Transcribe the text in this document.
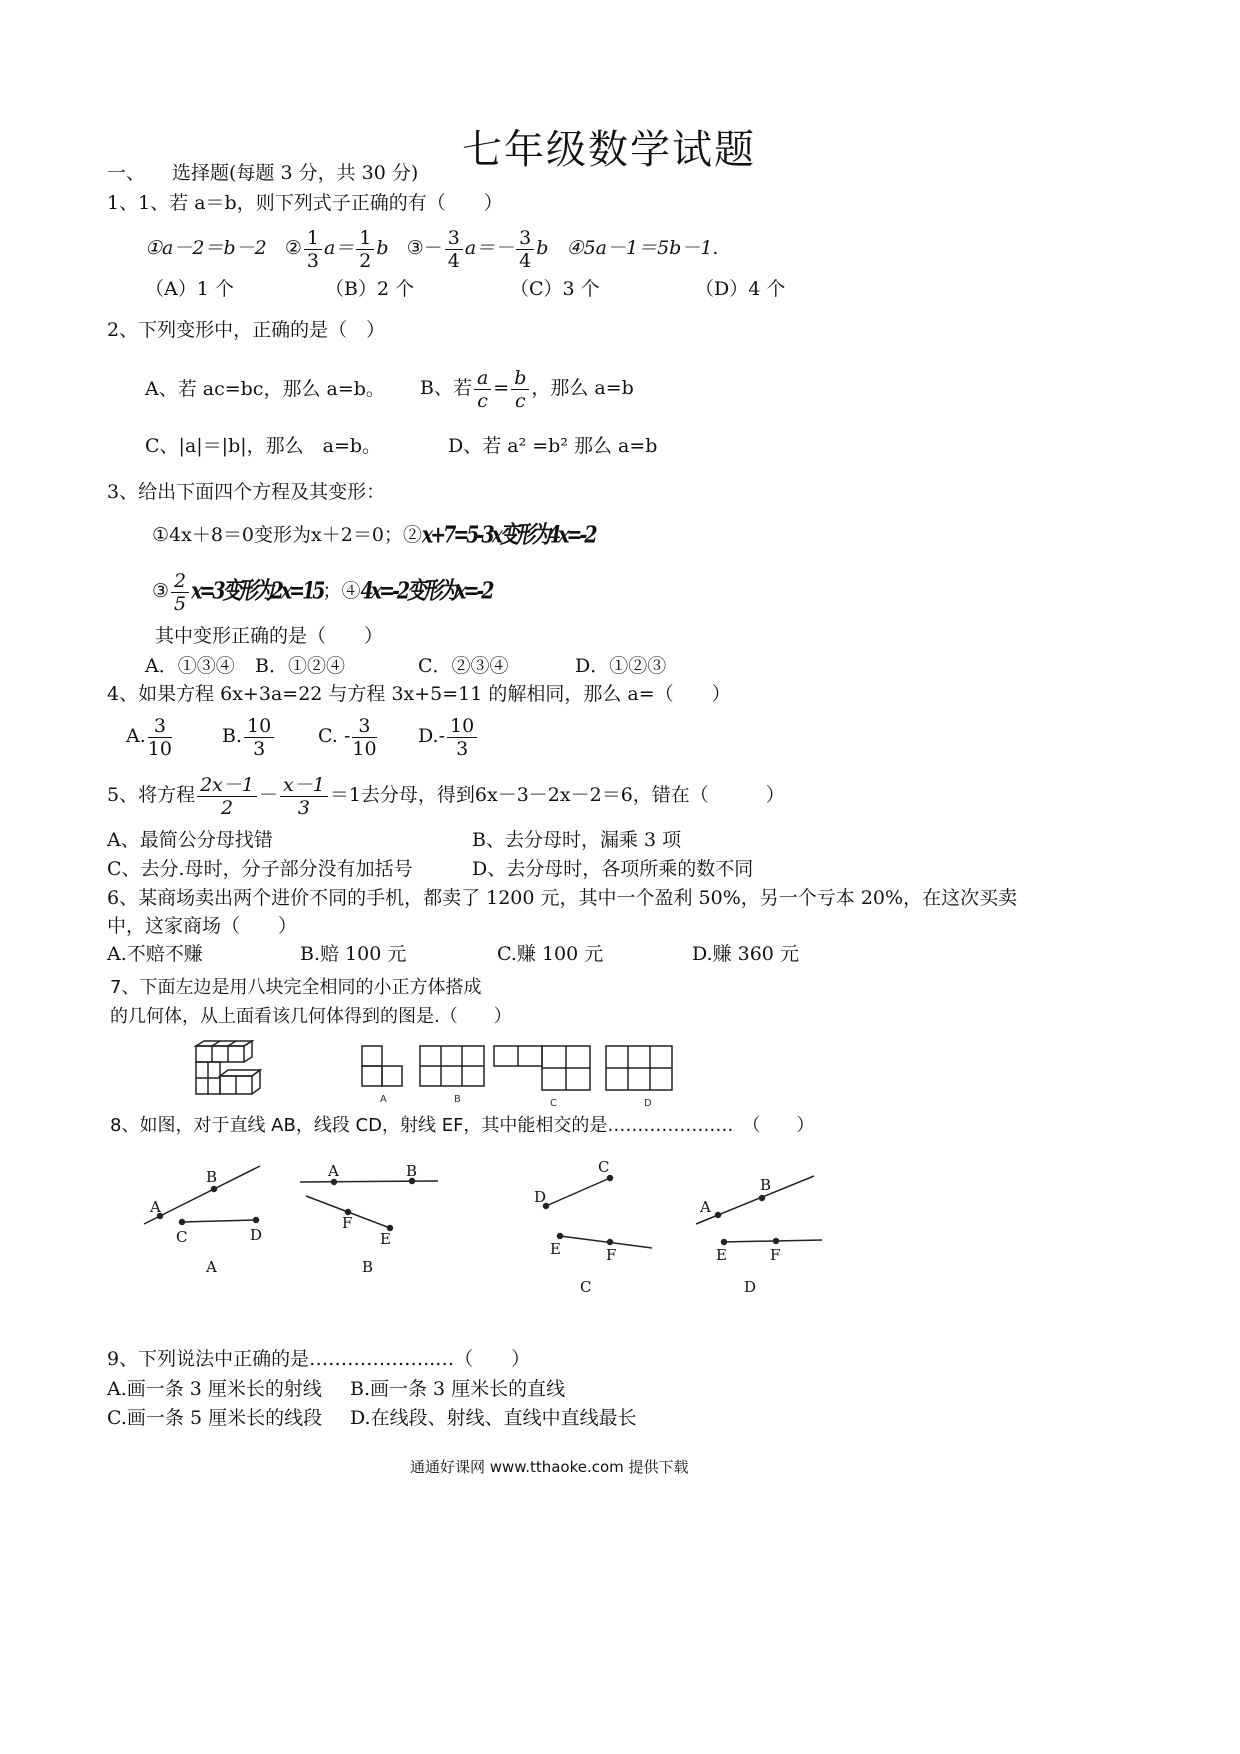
七年级数学试题
一、 选择题(每题 3 分，共 30 分)
1、1、若 a＝b，则下列式子正确的有（　　）
①a－2＝b－2 ② $\frac{1}{3} a= \frac{1}{2}$ b ③－ $\frac{3}{4} a=- \frac{3}{4}$ b ④5a－1＝5b－1.
（A）1 个	（B）2 个	（C）3 个	（D）4 个
2、下列变形中，正确的是（　）
A、若 ac=bc，那么 a=b。 B、若 $\frac{a}{c} = \frac{b}{c}$ ，那么 a=b
C、|a|＝|b|，那么　a=b。	D、若 a² =b² 那么 a=b
3、给出下面四个方程及其变形：
①4x＋8＝0变形为x＋2＝0；②x+7=5-3x变形为4x=-2
③ $\frac{2}{5} x=3$变形为2x=15；④4x=-2变形为x=-2
其中变形正确的是（　　）
A．①③④ B．①②④	C．②③④	D．①②③
4、如果方程 6x+3a=22 与方程 3x+5=11 的解相同，那么 a=（　　）
A. $\frac{3}{10}$	B. $\frac{10}{3} C$. - $\frac{3}{10} D.- \frac{10}{3}$
5、将方程 $\frac{2x-1}{2} - \frac{x-1}{3} =1$去分母，得到6x－3－2x－2＝6，错在（　　　）
A、最简公分母找错	B、去分母时，漏乘 3 项
C、去分.母时，分子部分没有加括号	D、去分母时，各项所乘的数不同
6、某商场卖出两个进价不同的手机，都卖了 1200 元，其中一个盈利 50%，另一个亏本 20%，在这次买卖
中，这家商场（　　）
A.不赔不赚	B.赔 100 元	C.赚 100 元	D.赚 360 元
7、下面左边是用八块完全相同的小正方体搭成
的几何体，从上面看该几何体得到的图是.（　　）
A	B	C	D
8、如图，对于直线 AB，线段 CD，射线 EF，其中能相交的是…………………　（　　）
A
B
C	D
A
A	B
F
E
B
C
D
E	F
C
A
B
E	F
D
9、下列说法中正确的是………………..…（　　）
A.画一条 3 厘米长的射线 B.画一条 3 厘米长的直线
C.画一条 5 厘米长的线段 D.在线段、射线、直线中直线最长
通通好课网 www.tthaoke.com 提供下载
